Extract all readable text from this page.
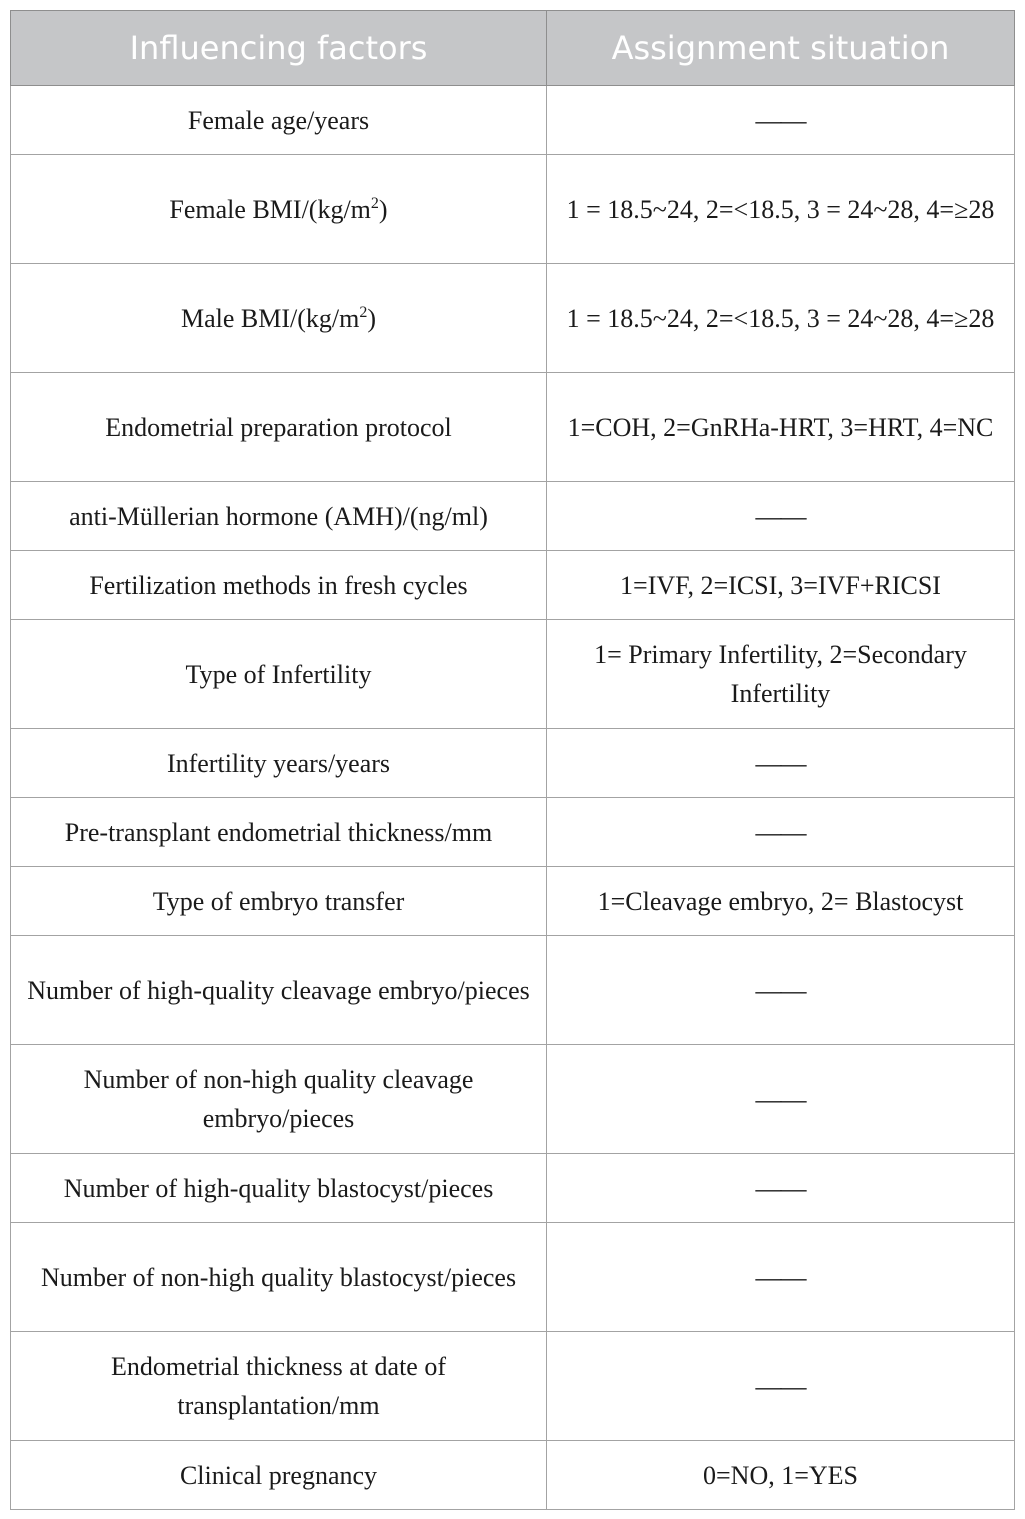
Influencing factors	Assignment situation
Female age/years	——
Female BMI/$(kg/m^2)$	1 = 18.5~24, 2=<18.5, 3 = 24~28, 4=≥28
Male BMI/$(kg/m^2)$	1 = 18.5~24, 2=<18.5, 3 = 24~28, 4=≥28
Endometrial preparation protocol	1=COH, 2=GnRHa-HRT, 3=HRT, 4=NC
anti-Müllerian hormone (AMH)/(ng/ml)	——
Fertilization methods in fresh cycles	1=IVF, 2=ICSI, 3=IVF+RICSI
Type of Infertility	1= Primary Infertility, 2=Secondary Infertility
Infertility years/years	——
Pre-transplant endometrial thickness/mm	——
Type of embryo transfer	1=Cleavage embryo, 2= Blastocyst
Number of high-quality cleavage embryo/pieces	——
Number of non-high quality cleavage embryo/pieces	——
Number of high-quality blastocyst/pieces	——
Number of non-high quality blastocyst/pieces	——
Endometrial thickness at date of transplantation/mm	——
Clinical pregnancy	0=NO, 1=YES
